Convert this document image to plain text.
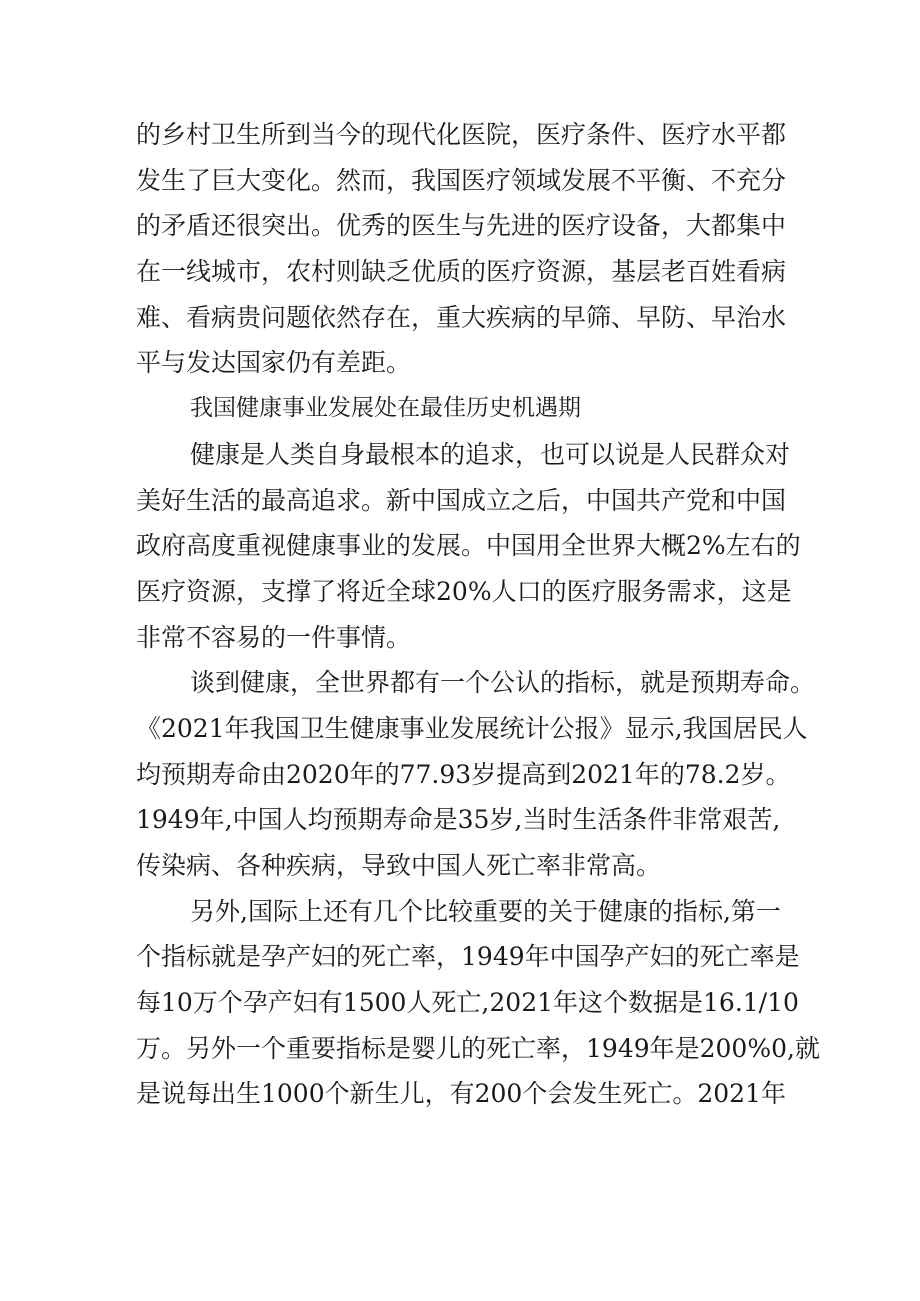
的乡村卫生所到当今的现代化医院，医疗条件、医疗水平都
发生了巨大变化。然而，我国医疗领域发展不平衡、不充分
的矛盾还很突出。优秀的医生与先进的医疗设备，大都集中
在一线城市，农村则缺乏优质的医疗资源，基层老百姓看病
难、看病贵问题依然存在，重大疾病的早筛、早防、早治水
平与发达国家仍有差距。
我国健康事业发展处在最佳历史机遇期
健康是人类自身最根本的追求，也可以说是人民群众对
美好生活的最高追求。新中国成立之后，中国共产党和中国
政府高度重视健康事业的发展。中国用全世界大概2%左右的
医疗资源，支撑了将近全球20%人口的医疗服务需求，这是
非常不容易的一件事情。
谈到健康，全世界都有一个公认的指标，就是预期寿命。
《2021年我国卫生健康事业发展统计公报》显示,我国居民人
均预期寿命由2020年的77.93岁提高到2021年的78.2岁。
1949年,中国人均预期寿命是35岁,当时生活条件非常艰苦,
传染病、各种疾病，导致中国人死亡率非常高。
另外,国际上还有几个比较重要的关于健康的指标,第一
个指标就是孕产妇的死亡率，1949年中国孕产妇的死亡率是
每10万个孕产妇有1500人死亡,2021年这个数据是16.1/10
万。另外一个重要指标是婴儿的死亡率，1949年是200%0,就
是说每出生1000个新生儿，有200个会发生死亡。2021年
